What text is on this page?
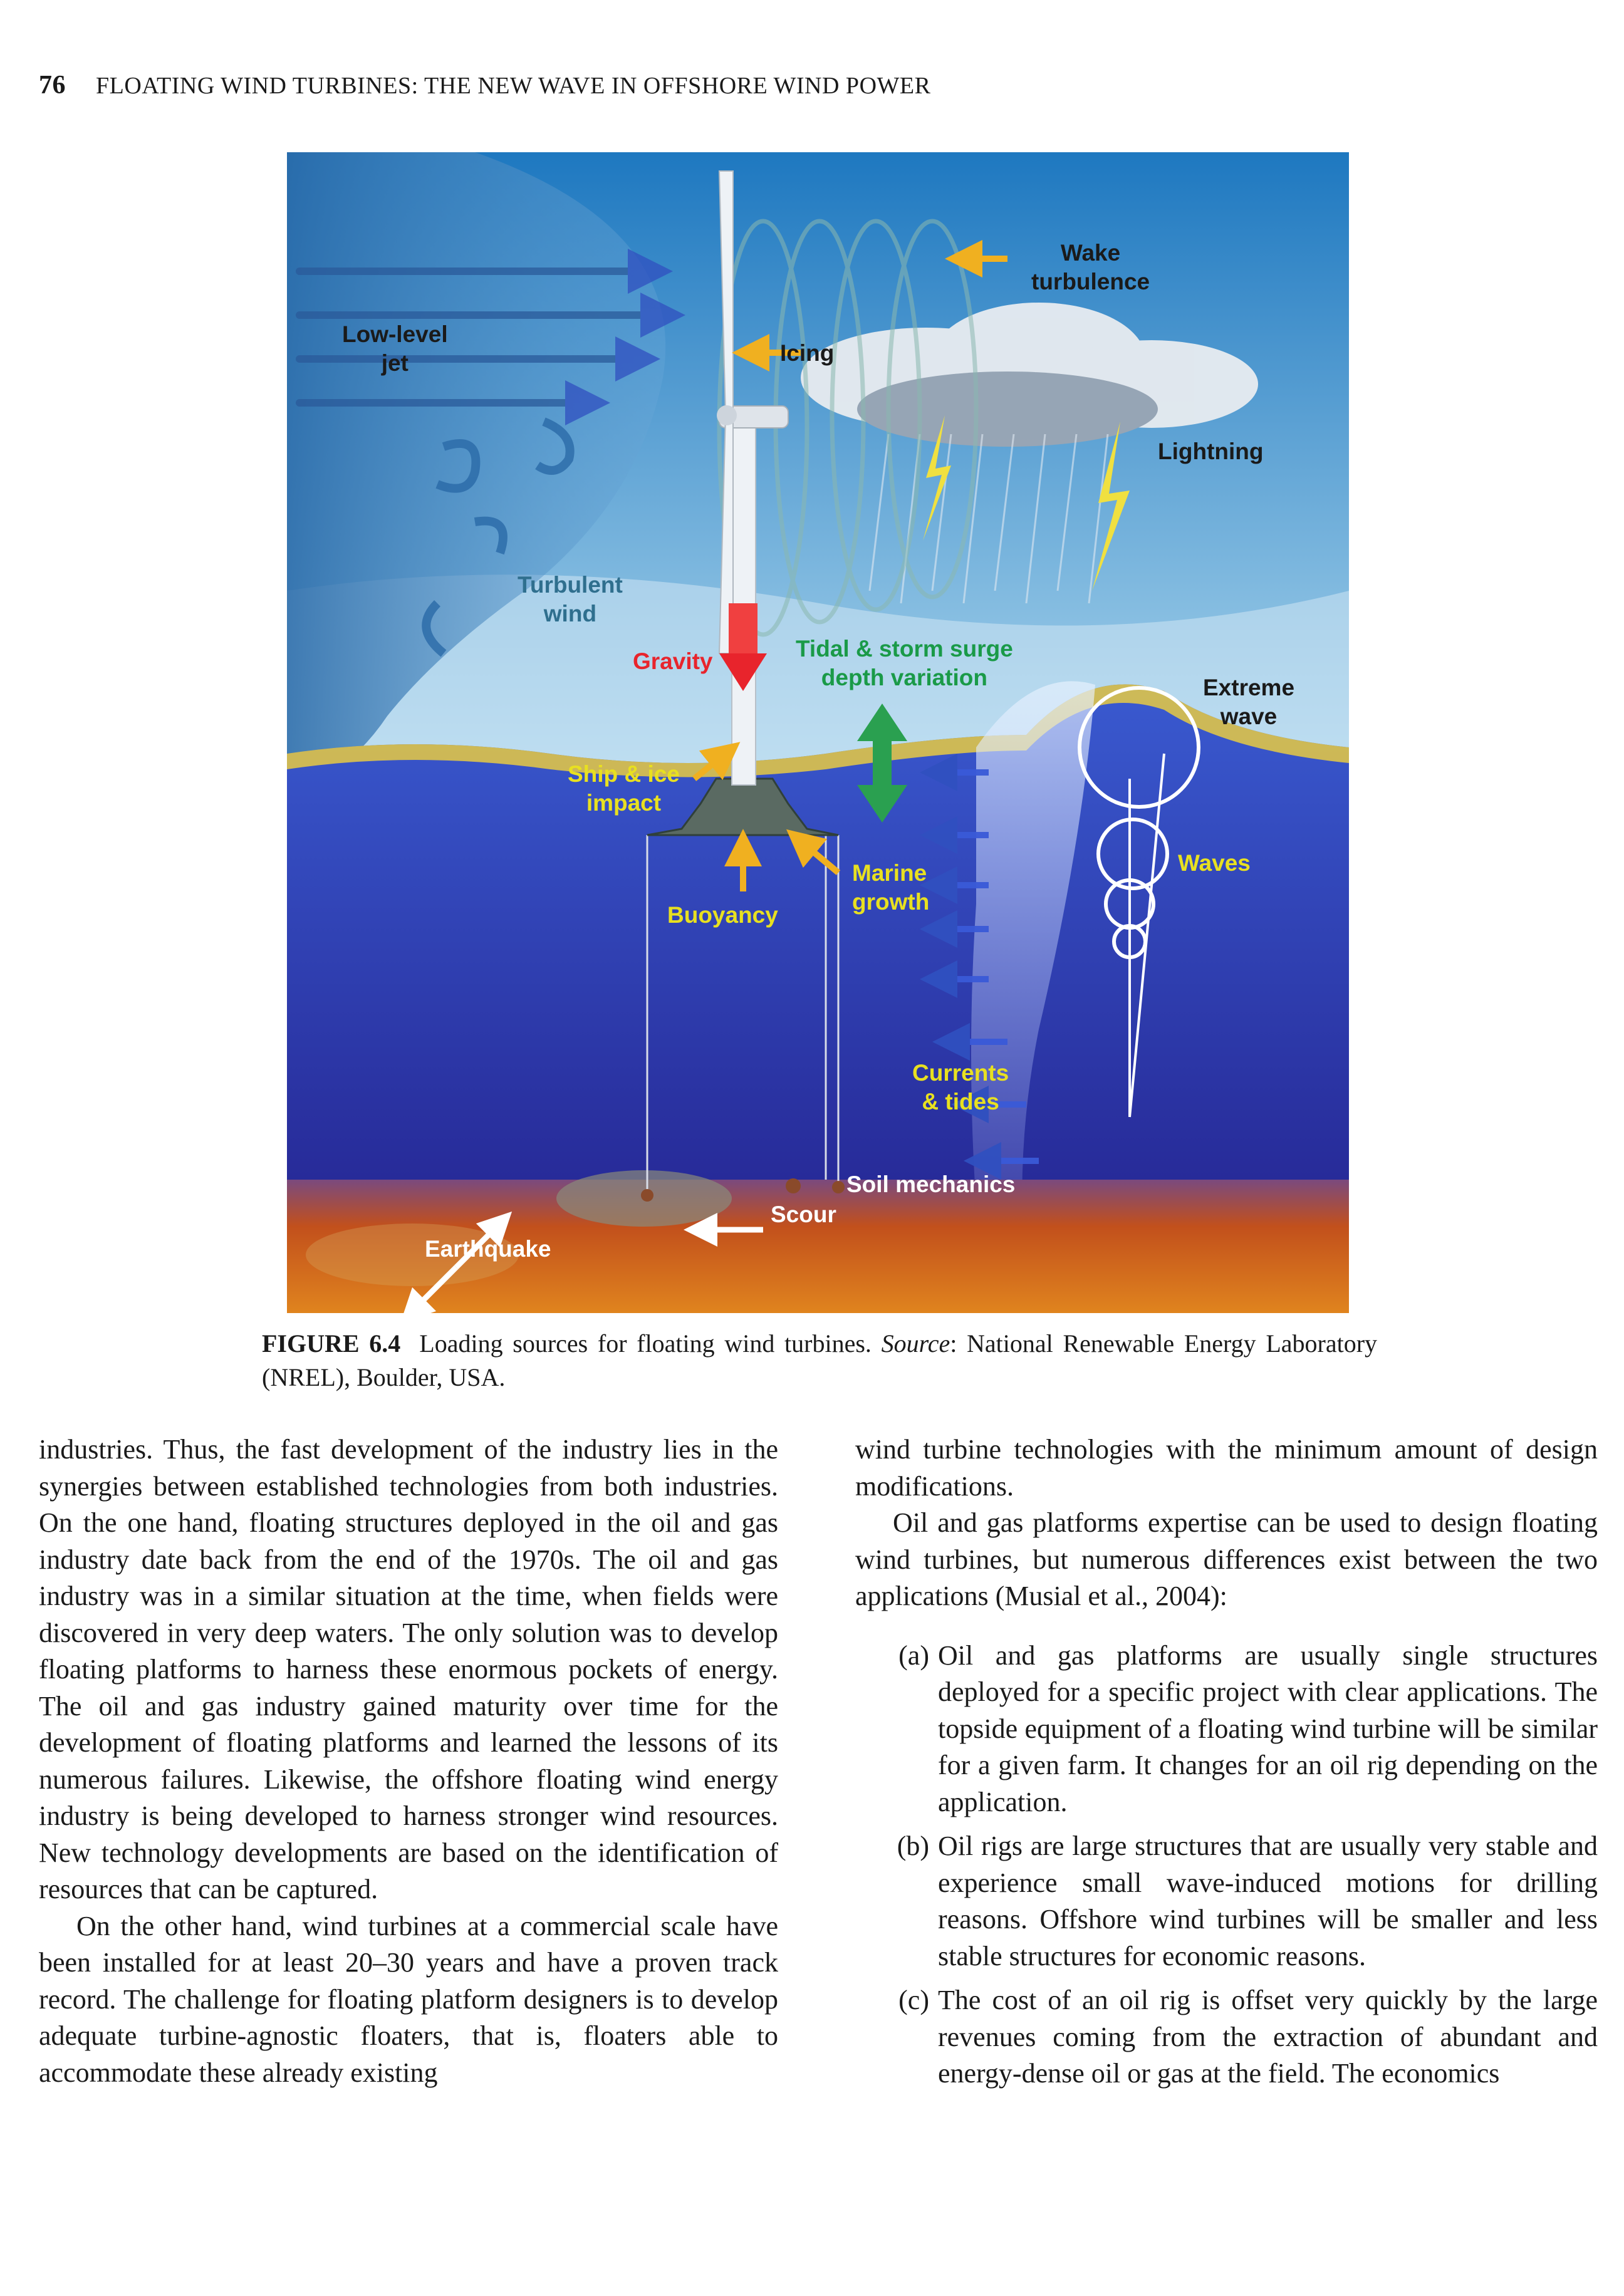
76 FLOATING WIND TURBINES: THE NEW WAVE IN OFFSHORE WIND POWER
Low-level
jet	Icing
Wake
turbulence
Lightning
Turbulent
wind
Gravity	Tidal & storm surge
depth variation	Extreme
wave
Ship & ice
impact
Waves
Marine
growth
Buoyancy
Currents
& tides
Soil mechanics
Scour
Earthquake
FIGURE 6.4 Loading sources for floating wind turbines. Source: National Renewable Energy Laboratory (NREL), Boulder, USA.

industries. Thus, the fast development of the industry lies in the synergies between established technologies from both industries. On the one hand, floating structures deployed in the oil and gas industry date back from the end of the 1970s. The oil and gas industry was in a similar situation at the time, when fields were discovered in very deep waters. The only solution was to develop floating platforms to harness these enormous pockets of energy. The oil and gas industry gained maturity over time for the development of floating platforms and learned the lessons of its numerous failures. Likewise, the offshore floating wind energy industry is being developed to harness stronger wind resources. New technology developments are based on the identification of resources that can be captured.

On the other hand, wind turbines at a commercial scale have been installed for at least 20–30 years and have a proven track record. The challenge for floating platform designers is to develop adequate turbine-agnostic floaters, that is, floaters able to accommodate these already existing

wind turbine technologies with the minimum amount of design modifications.

Oil and gas platforms expertise can be used to design floating wind turbines, but numerous differences exist between the two applications (Musial et al., 2004):

(a) Oil and gas platforms are usually single structures deployed for a specific project with clear applications. The topside equipment of a floating wind turbine will be similar for a given farm. It changes for an oil rig depending on the application.
(b) Oil rigs are large structures that are usually very stable and experience small wave-induced motions for drilling reasons. Offshore wind turbines will be smaller and less stable structures for economic reasons.
(c) The cost of an oil rig is offset very quickly by the large revenues coming from the extraction of abundant and energy-dense oil or gas at the field. The economics
